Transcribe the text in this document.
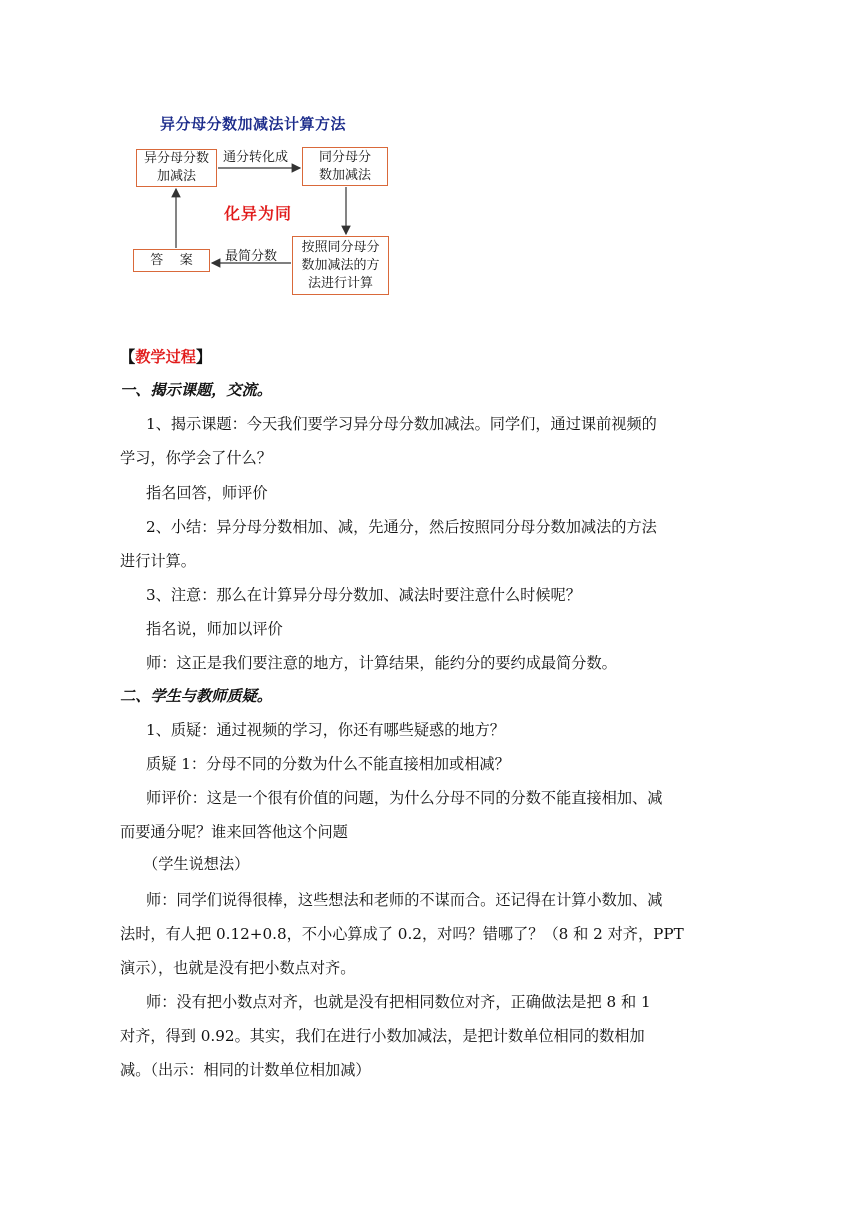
异分母分数加减法计算方法
异分母分数
加减法
同分母分
数加减法
按照同分母分
数加减法的方
法进行计算
答    案
通分转化成
最简分数
化异为同
【教学过程】
一、揭示课题，交流。
1、揭示课题：今天我们要学习异分母分数加减法。同学们，通过课前视频的
学习，你学会了什么？
指名回答，师评价
2、小结：异分母分数相加、减，先通分，然后按照同分母分数加减法的方法
进行计算。
3、注意：那么在计算异分母分数加、减法时要注意什么时候呢？
指名说，师加以评价
师：这正是我们要注意的地方，计算结果，能约分的要约成最简分数。
二、学生与教师质疑。
1、质疑：通过视频的学习，你还有哪些疑惑的地方？
质疑 1：分母不同的分数为什么不能直接相加或相减？
师评价：这是一个很有价值的问题，为什么分母不同的分数不能直接相加、减
而要通分呢？谁来回答他这个问题
（学生说想法）
师：同学们说得很棒，这些想法和老师的不谋而合。还记得在计算小数加、减
法时，有人把 0.12+0.8，不小心算成了 0.2，对吗？错哪了？（8 和 2 对齐，PPT
演示），也就是没有把小数点对齐。
师：没有把小数点对齐，也就是没有把相同数位对齐，正确做法是把 8 和 1
对齐，得到 0.92。其实，我们在进行小数加减法，是把计数单位相同的数相加
减。（出示：相同的计数单位相加减）
